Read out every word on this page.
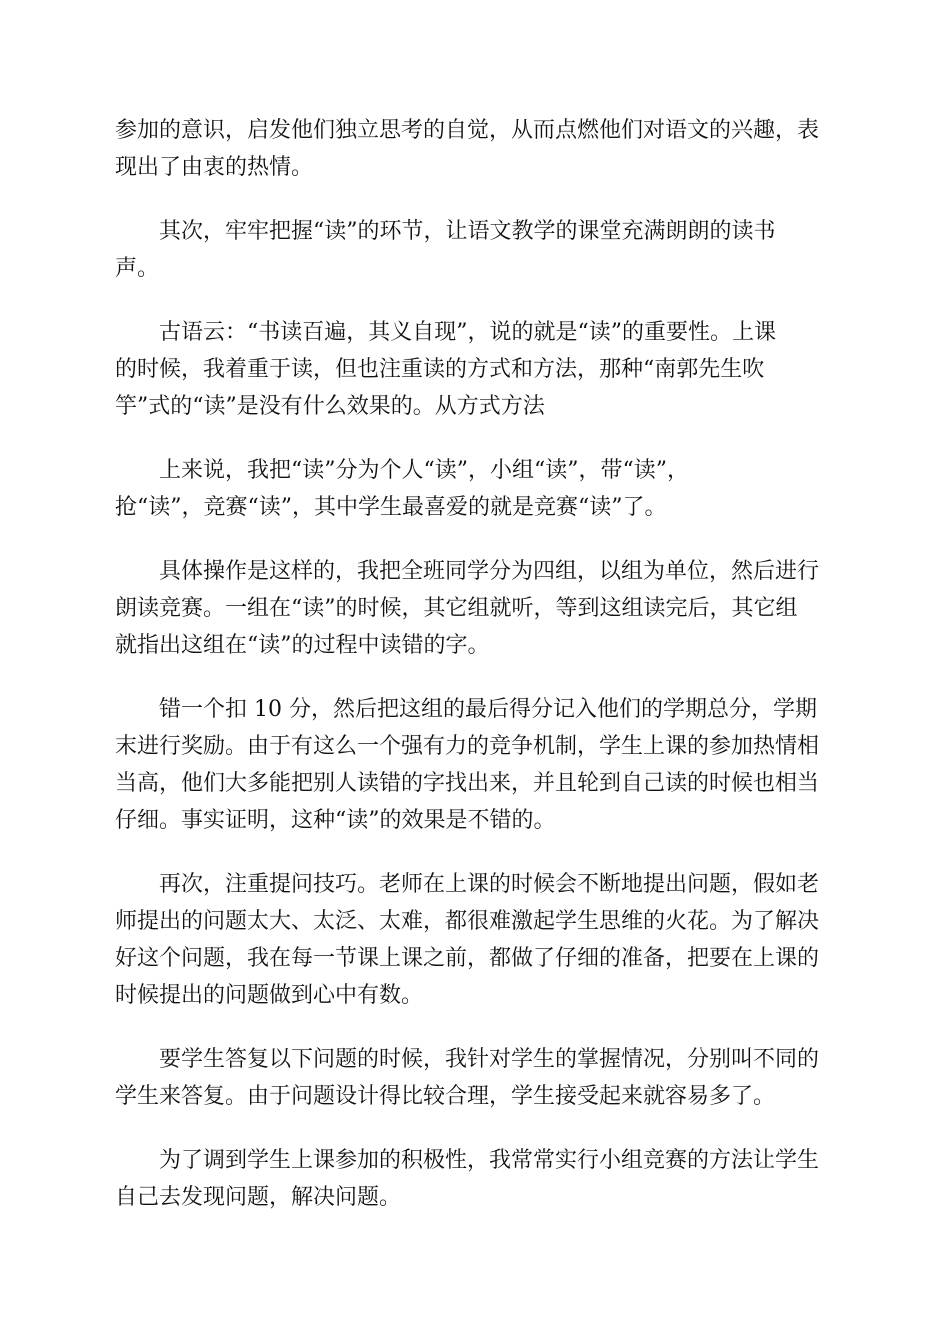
参加的意识，启发他们独立思考的自觉，从而点燃他们对语文的兴趣，表
现出了由衷的热情。

其次，牢牢把握“读”的环节，让语文教学的课堂充满朗朗的读书
声。

古语云：“书读百遍，其义自现”，说的就是“读”的重要性。上课
的时候，我着重于读，但也注重读的方式和方法，那种“南郭先生吹
竽”式的“读”是没有什么效果的。从方式方法

上来说，我把“读”分为个人“读”，小组“读”，带“读”，
抢“读”，竞赛“读”，其中学生最喜爱的就是竞赛“读”了。

具体操作是这样的，我把全班同学分为四组，以组为单位，然后进行
朗读竞赛。一组在“读”的时候，其它组就听，等到这组读完后，其它组
就指出这组在“读”的过程中读错的字。

错一个扣 10 分，然后把这组的最后得分记入他们的学期总分，学期
末进行奖励。由于有这么一个强有力的竞争机制，学生上课的参加热情相
当高，他们大多能把别人读错的字找出来，并且轮到自己读的时候也相当
仔细。事实证明，这种“读”的效果是不错的。

再次，注重提问技巧。老师在上课的时候会不断地提出问题，假如老
师提出的问题太大、太泛、太难，都很难激起学生思维的火花。为了解决
好这个问题，我在每一节课上课之前，都做了仔细的准备，把要在上课的
时候提出的问题做到心中有数。

要学生答复以下问题的时候，我针对学生的掌握情况，分别叫不同的
学生来答复。由于问题设计得比较合理，学生接受起来就容易多了。

为了调到学生上课参加的积极性，我常常实行小组竞赛的方法让学生
自己去发现问题，解决问题。
